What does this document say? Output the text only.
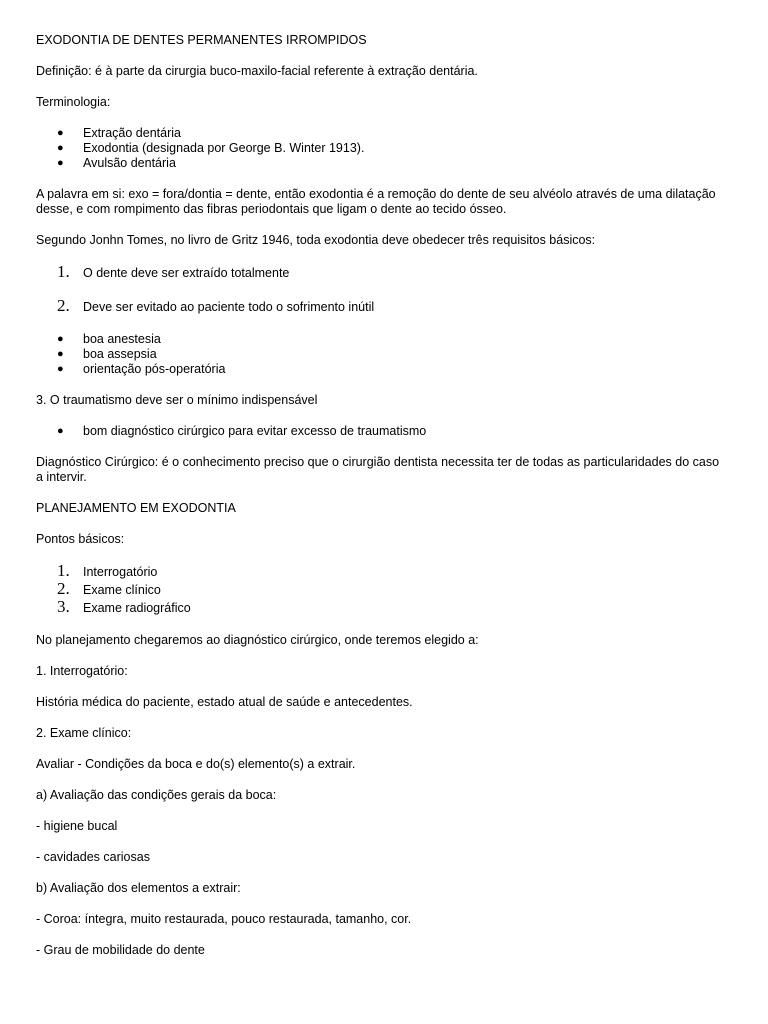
EXODONTIA DE DENTES PERMANENTES IRROMPIDOS

Definição: é à parte da cirurgia buco-maxilo-facial referente à extração dentária.

Terminologia:

● Extração dentária
● Exodontia (designada por George B. Winter 1913).
● Avulsão dentária

A palavra em si: exo = fora/dontia = dente, então exodontia é a remoção do dente de seu alvéolo através de uma dilatação desse, e com rompimento das fibras periodontais que ligam o dente ao tecido ósseo.

Segundo Jonhn Tomes, no livro de Gritz 1946, toda exodontia deve obedecer três requisitos básicos:

1. O dente deve ser extraído totalmente
2. Deve ser evitado ao paciente todo o sofrimento inútil
● boa anestesia
● boa assepsia
● orientação pós-operatória

3. O traumatismo deve ser o mínimo indispensável

● bom diagnóstico cirúrgico para evitar excesso de traumatismo

Diagnóstico Cirúrgico: é o conhecimento preciso que o cirurgião dentista necessita ter de todas as particularidades do caso a intervir.

PLANEJAMENTO EM EXODONTIA

Pontos básicos:

1. Interrogatório
2. Exame clínico
3. Exame radiográfico

No planejamento chegaremos ao diagnóstico cirúrgico, onde teremos elegido a:

1. Interrogatório:

História médica do paciente, estado atual de saúde e antecedentes.

2. Exame clínico:

Avaliar - Condições da boca e do(s) elemento(s) a extrair.

a) Avaliação das condições gerais da boca:

- higiene bucal

- cavidades cariosas

b) Avaliação dos elementos a extrair:

- Coroa: íntegra, muito restaurada, pouco restaurada, tamanho, cor.

- Grau de mobilidade do dente
